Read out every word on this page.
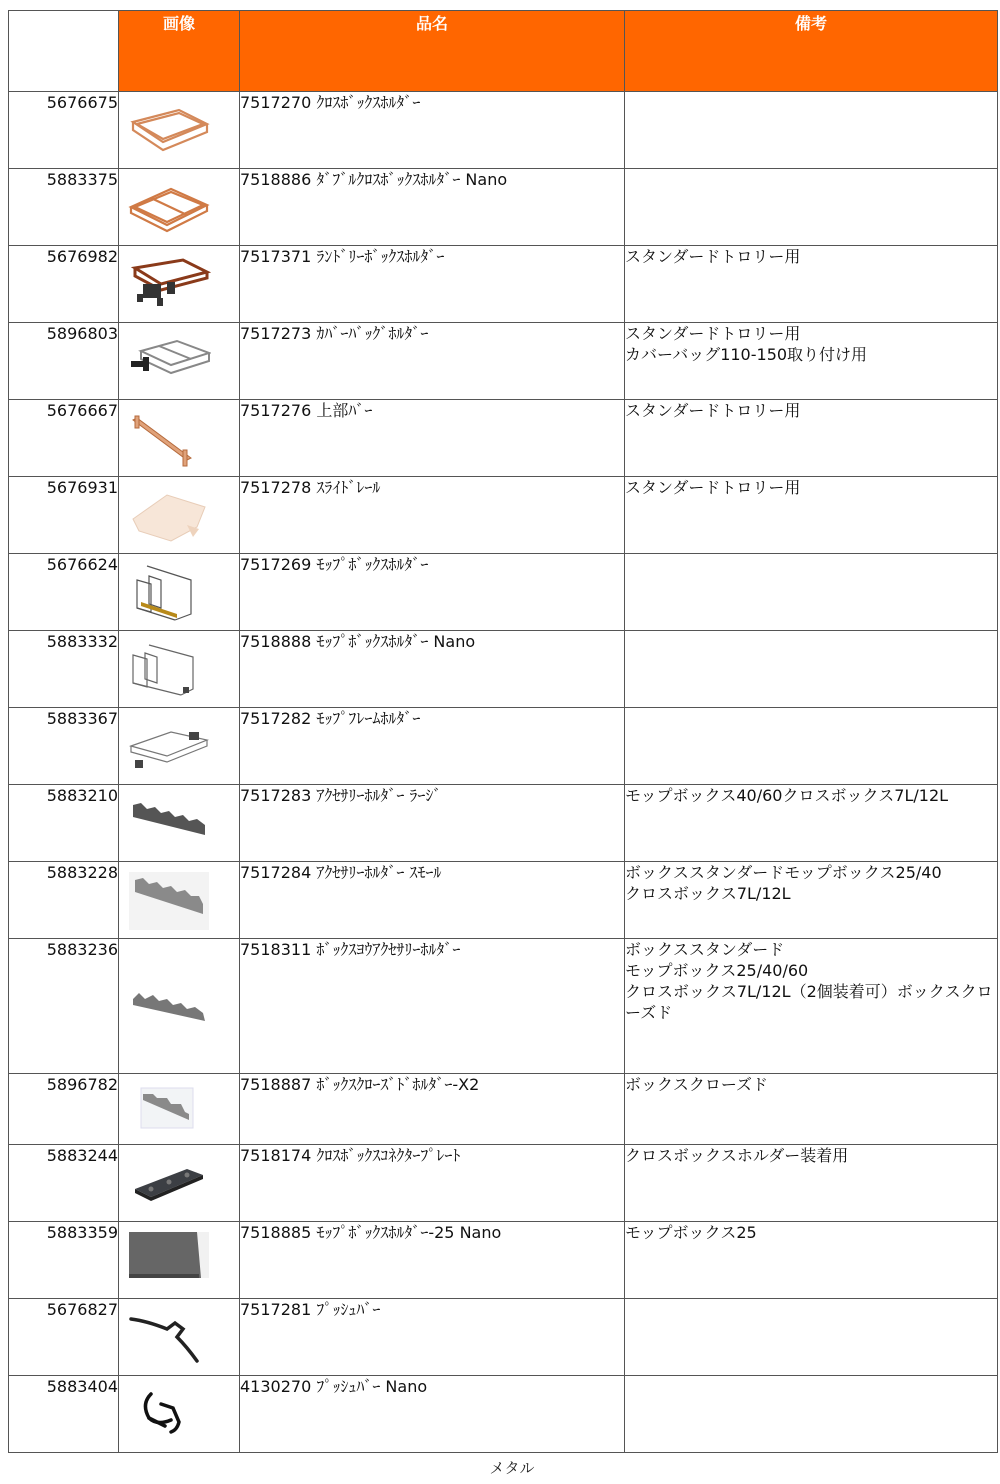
	画像	品名	備考
5676675		7517270 ｸﾛｽﾎﾞｯｸｽﾎﾙﾀﾞｰ	
5883375		7518886 ﾀﾞﾌﾞﾙｸﾛｽﾎﾞｯｸｽﾎﾙﾀﾞｰ Nano	
5676982		7517371 ﾗﾝﾄﾞﾘｰﾎﾞｯｸｽﾎﾙﾀﾞｰ	スタンダードトロリー用

5896803		7517273 ｶﾊﾞｰﾊﾞｯｸﾞﾎﾙﾀﾞｰ	スタンダードトロリー用
カバーバッグ110-150取り付け用

5676667		7517276 上部ﾊﾞｰ	スタンダードトロリー用

5676931		7517278 ｽﾗｲﾄﾞﾚｰﾙ	スタンダードトロリー用

5676624		7517269 ﾓｯﾌﾟﾎﾞｯｸｽﾎﾙﾀﾞｰ	
5883332		7518888 ﾓｯﾌﾟﾎﾞｯｸｽﾎﾙﾀﾞｰ Nano	
5883367		7517282 ﾓｯﾌﾟﾌﾚｰﾑﾎﾙﾀﾞｰ	
5883210		7517283 ｱｸｾｻﾘｰﾎﾙﾀﾞｰ ﾗｰｼﾞ	モップボックス40/60クロスボックス7L/12L

5883228		7517284 ｱｸｾｻﾘｰﾎﾙﾀﾞｰ ｽﾓｰﾙ	ボックススタンダードモップボックス25/40
クロスボックス7L/12L

5883236		7518311 ﾎﾞｯｸｽﾖｳｱｸｾｻﾘｰﾎﾙﾀﾞｰ	ボックススタンダード
モップボックス25/40/60
クロスボックス7L/12L（2個装着可）ボックスクローズド

5896782		7518887 ﾎﾞｯｸｽｸﾛｰｽﾞﾄﾞﾎﾙﾀﾞｰ-X2	ボックスクローズド

5883244		7518174 ｸﾛｽﾎﾞｯｸｽｺﾈｸﾀｰﾌﾟﾚｰﾄ	クロスボックスホルダー装着用

5883359		7518885 ﾓｯﾌﾟﾎﾞｯｸｽﾎﾙﾀﾞｰ-25 Nano	モップボックス25

5676827		7517281 ﾌﾟｯｼｭﾊﾞｰ	
5883404		4130270 ﾌﾟｯｼｭﾊﾞｰ Nano	
メタル
